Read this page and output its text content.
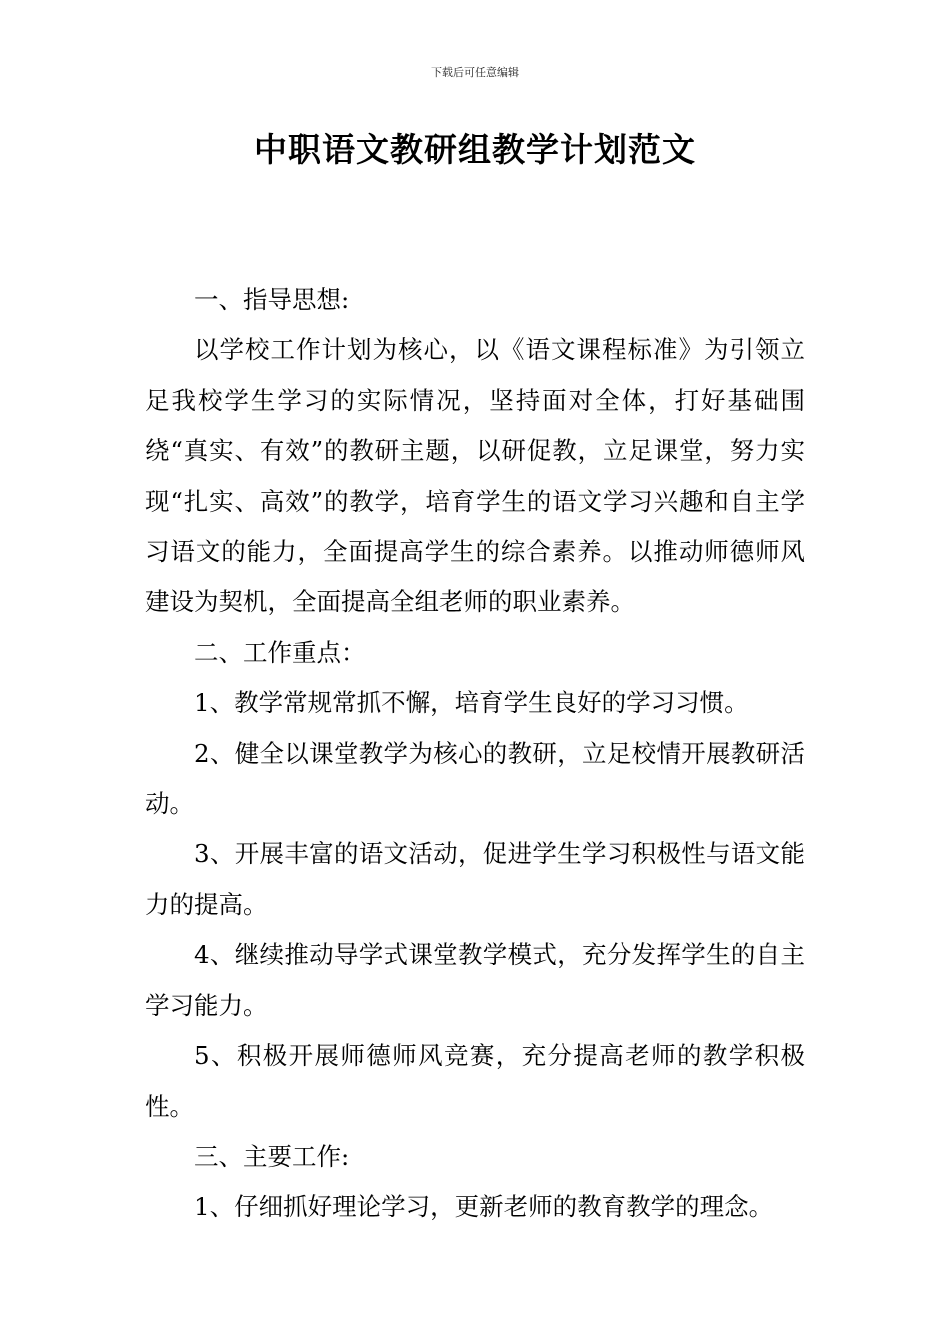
下载后可任意编辑
中职语文教研组教学计划范文

一、指导思想:

以学校工作计划为核心，以《语文课程标准》为引领立足我校学生学习的实际情况，坚持面对全体，打好基础围绕“真实、有效”的教研主题，以研促教，立足课堂，努力实现“扎实、高效”的教学，培育学生的语文学习兴趣和自主学习语文的能力，全面提高学生的综合素养。以推动师德师风建设为契机，全面提高全组老师的职业素养。

二、工作重点：

1、教学常规常抓不懈，培育学生良好的学习习惯。

2、健全以课堂教学为核心的教研，立足校情开展教研活动。

3、开展丰富的语文活动，促进学生学习积极性与语文能力的提高。

4、继续推动导学式课堂教学模式，充分发挥学生的自主学习能力。

5、积极开展师德师风竞赛，充分提高老师的教学积极性。

三、主要工作:

1、仔细抓好理论学习，更新老师的教育教学的理念。
